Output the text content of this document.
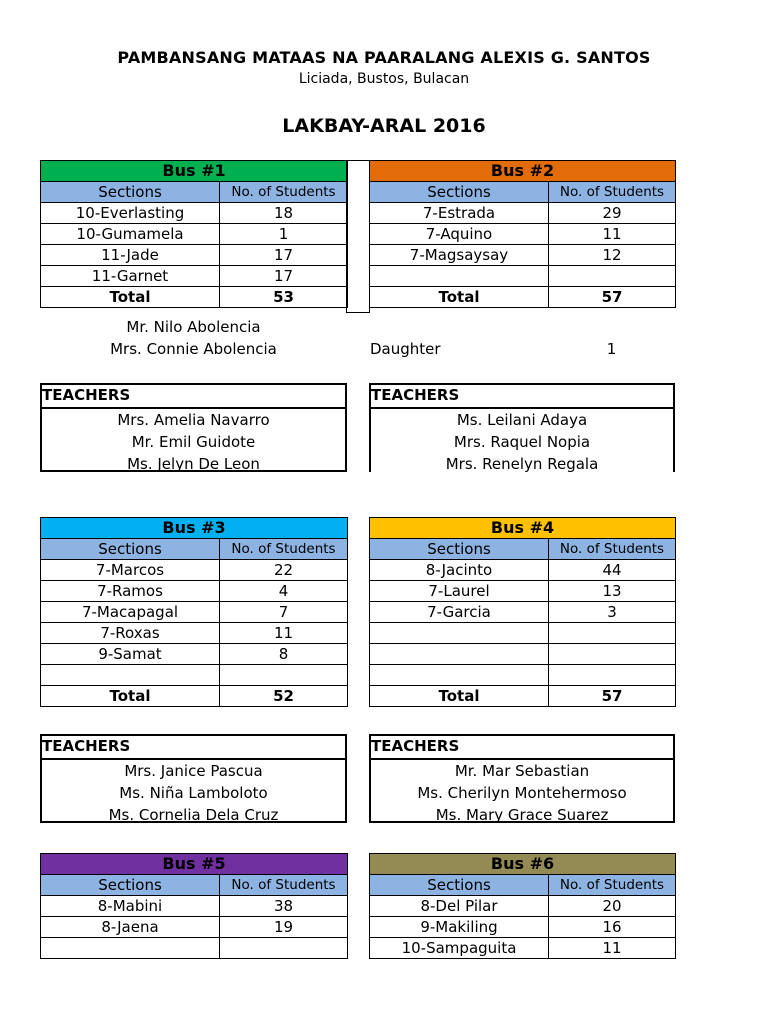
PAMBANSANG MATAAS NA PAARALANG ALEXIS G. SANTOS
Liciada, Bustos, Bulacan
LAKBAY-ARAL 2016
Bus #1	
Sections	No. of Students
10-Everlasting	18
10-Gumamela	1
11-Jade	17
11-Garnet	17
Total	53
Bus #2	
Sections	No. of Students
7-Estrada	29
7-Aquino	11
7-Magsaysay	12

Total	57
Mr. Nilo Abolencia
Mrs. Connie Abolencia	Daughter	1
TEACHERS
Mrs. Amelia Navarro
Mr. Emil Guidote
Ms. Jelyn De Leon
TEACHERS
Ms. Leilani Adaya
Mrs. Raquel Nopia
Mrs. Renelyn Regala
Bus #3	
Sections	No. of Students
7-Marcos	22
7-Ramos	4
7-Macapagal	7
7-Roxas	11
9-Samat	8

Total	52
Bus #4	
Sections	No. of Students
8-Jacinto	44
7-Laurel	13
7-Garcia	3

Total	57
TEACHERS
Mrs. Janice Pascua
Ms. Niña Lamboloto
Ms. Cornelia Dela Cruz
TEACHERS
Mr. Mar Sebastian
Ms. Cherilyn Montehermoso
Ms. Mary Grace Suarez
Bus #5	
Sections	No. of Students
8-Mabini	38
8-Jaena	19

Bus #6	
Sections	No. of Students
8-Del Pilar	20
9-Makiling	16
10-Sampaguita	11
